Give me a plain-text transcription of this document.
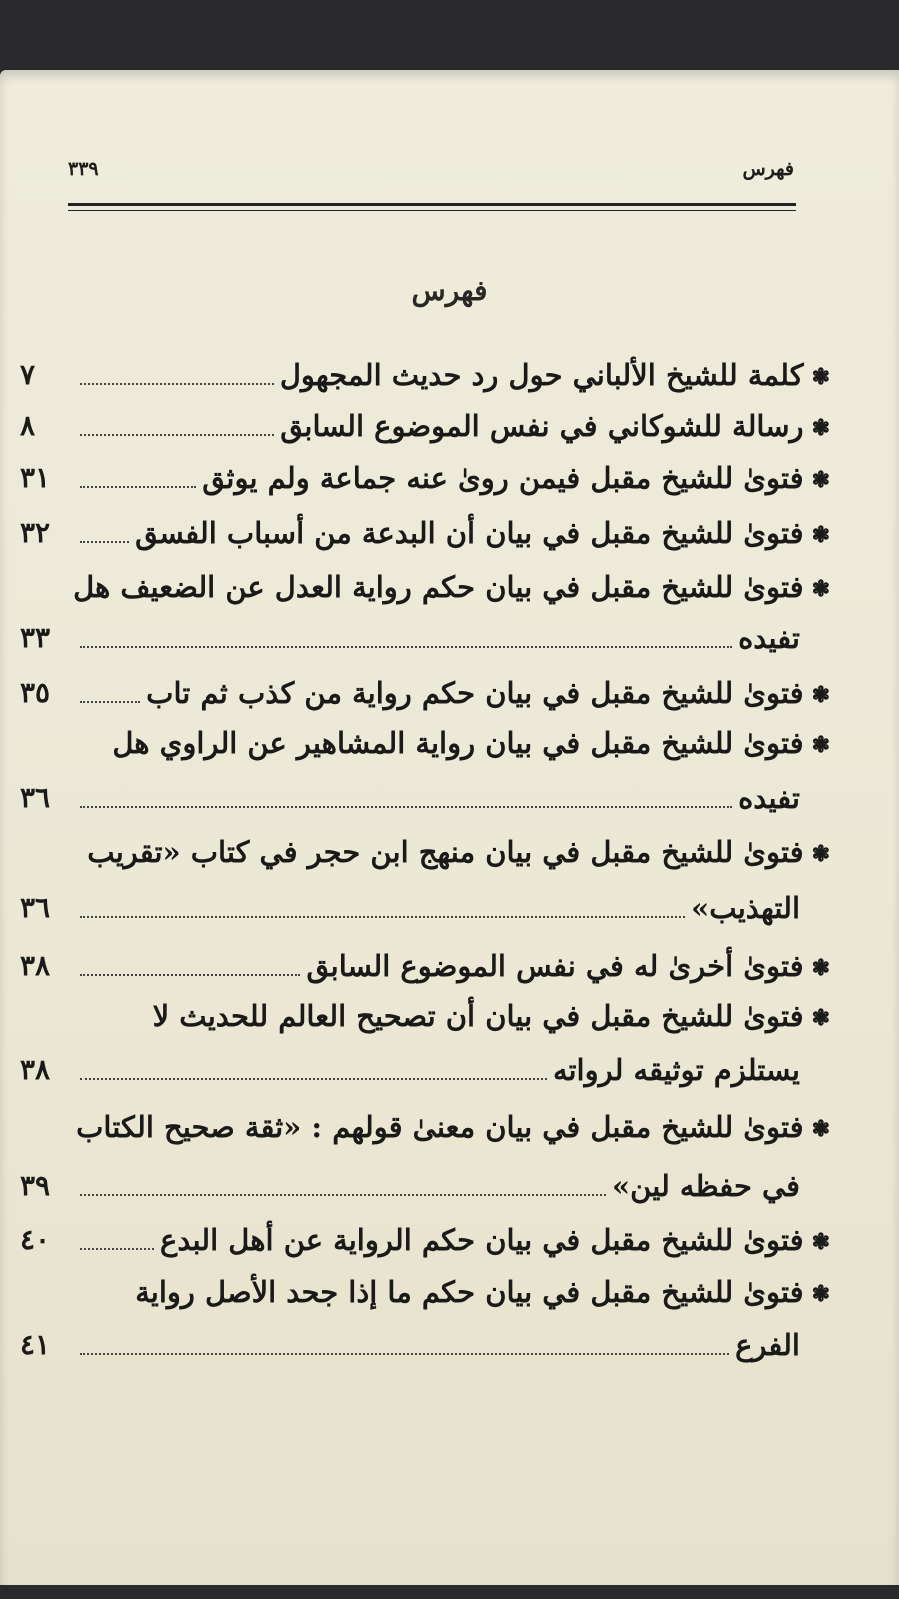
فهرس
٣٣٩
فهرس
❃كلمة للشيخ الألباني حول رد حديث المجهول
٧
❃رسالة للشوكاني في نفس الموضوع السابق
٨
❃فتوىٰ للشيخ مقبل فيمن روىٰ عنه جماعة ولم يوثق
٣١
❃فتوىٰ للشيخ مقبل في بيان أن البدعة من أسباب الفسق
٣٢
❃فتوىٰ للشيخ مقبل في بيان حكم رواية العدل عن الضعيف هل
تفيده
٣٣
❃فتوىٰ للشيخ مقبل في بيان حكم رواية من كذب ثم تاب
٣٥
❃فتوىٰ للشيخ مقبل في بيان رواية المشاهير عن الراوي هل
تفيده
٣٦
❃فتوىٰ للشيخ مقبل في بيان منهج ابن حجر في كتاب «تقريب
التهذيب»
٣٦
❃فتوىٰ أخرىٰ له في نفس الموضوع السابق
٣٨
❃فتوىٰ للشيخ مقبل في بيان أن تصحيح العالم للحديث لا
يستلزم توثيقه لرواته
٣٨
❃فتوىٰ للشيخ مقبل في بيان معنىٰ قولهم : «ثقة صحيح الكتاب
في حفظه لين»
٣٩
❃فتوىٰ للشيخ مقبل في بيان حكم الرواية عن أهل البدع
٤٠
❃فتوىٰ للشيخ مقبل في بيان حكم ما إذا جحد الأصل رواية
الفرع
٤١
